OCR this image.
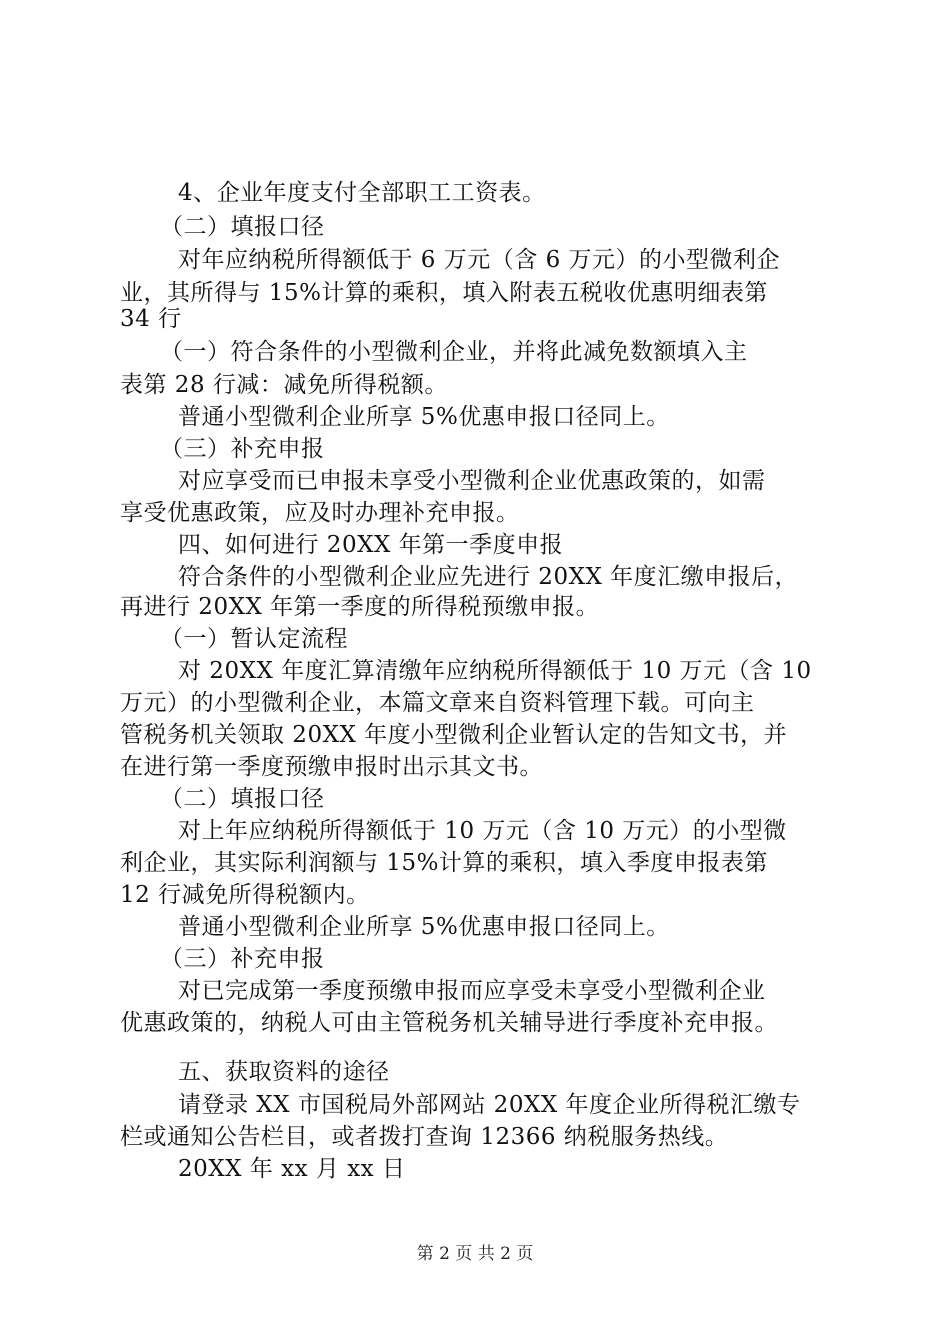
4、企业年度支付全部职工工资表。
（二）填报口径
对年应纳税所得额低于 6 万元（含 6 万元）的小型微利企
业，其所得与 15%计算的乘积，填入附表五税收优惠明细表第
34 行
（一）符合条件的小型微利企业，并将此减免数额填入主
表第 28 行减：减免所得税额。
普通小型微利企业所享 5%优惠申报口径同上。
（三）补充申报
对应享受而已申报未享受小型微利企业优惠政策的，如需
享受优惠政策，应及时办理补充申报。
四、如何进行 20XX 年第一季度申报
符合条件的小型微利企业应先进行 20XX 年度汇缴申报后，
再进行 20XX 年第一季度的所得税预缴申报。
（一）暂认定流程
对 20XX 年度汇算清缴年应纳税所得额低于 10 万元（含 10
万元）的小型微利企业，本篇文章来自资料管理下载。可向主
管税务机关领取 20XX 年度小型微利企业暂认定的告知文书，并
在进行第一季度预缴申报时出示其文书。
（二）填报口径
对上年应纳税所得额低于 10 万元（含 10 万元）的小型微
利企业，其实际利润额与 15%计算的乘积，填入季度申报表第
12 行减免所得税额内。
普通小型微利企业所享 5%优惠申报口径同上。
（三）补充申报
对已完成第一季度预缴申报而应享受未享受小型微利企业
优惠政策的，纳税人可由主管税务机关辅导进行季度补充申报。
五、获取资料的途径
请登录 XX 市国税局外部网站 20XX 年度企业所得税汇缴专
栏或通知公告栏目，或者拨打查询 12366 纳税服务热线。
20XX 年 xx 月 xx 日
第 2 页 共 2 页
